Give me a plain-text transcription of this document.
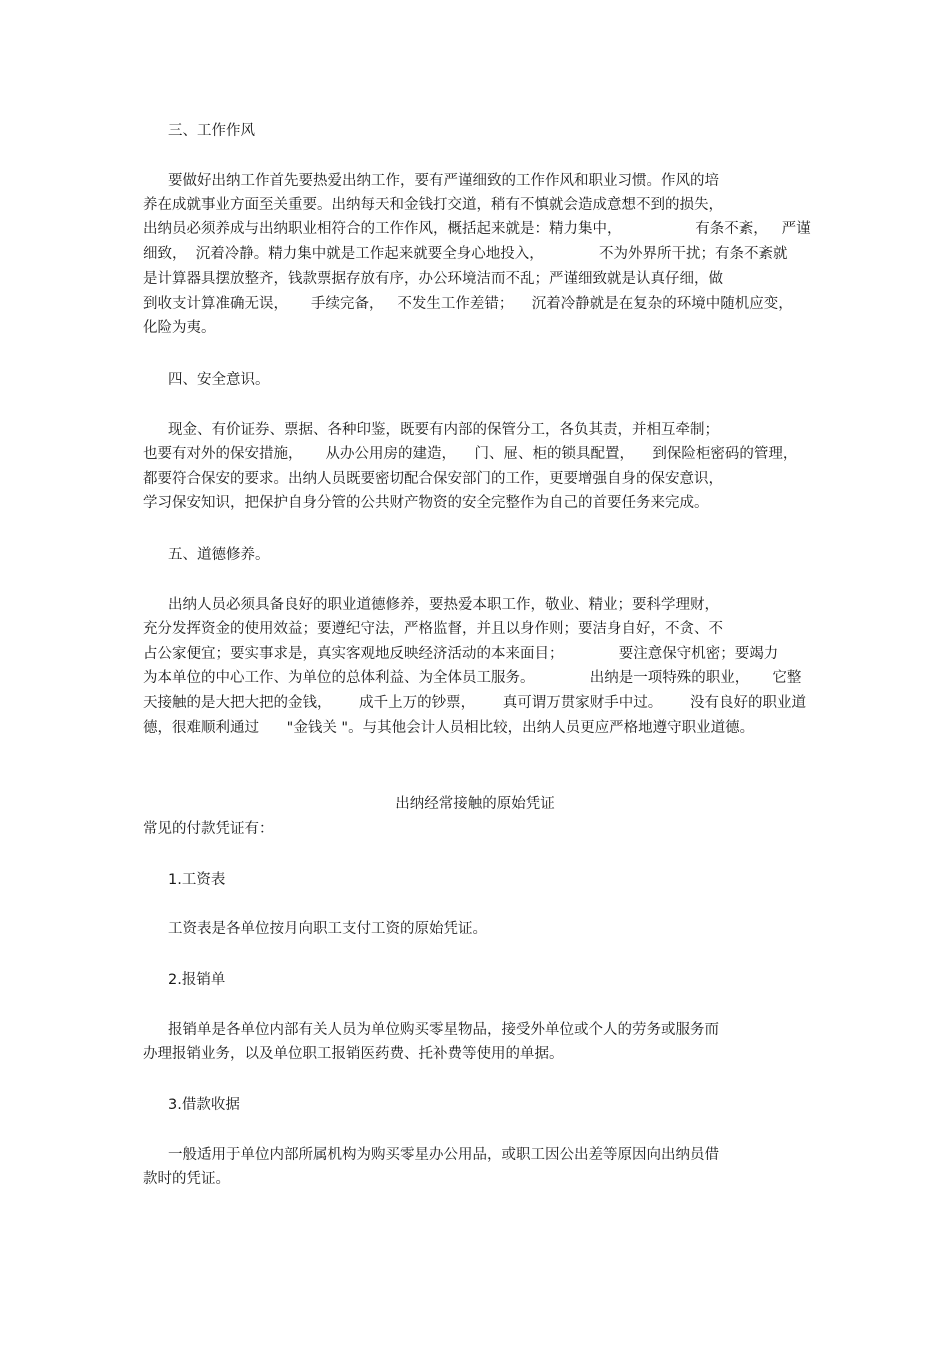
三、工作作风
要做好出纳工作首先要热爱出纳工作，要有严谨细致的工作作风和职业习惯。作风的培
养在成就事业方面至关重要。出纳每天和金钱打交道，稍有不慎就会造成意想不到的损失，
出纳员必须养成与出纳职业相符合的工作作风，概括起来就是：精力集中，                有条不紊，   严谨
细致，  沉着冷静。精力集中就是工作起来就要全身心地投入，            不为外界所干扰；有条不紊就
是计算器具摆放整齐，钱款票据存放有序，办公环境洁而不乱；严谨细致就是认真仔细，做
到收支计算准确无误，     手续完备，   不发生工作差错；    沉着冷静就是在复杂的环境中随机应变，
化险为夷。
四、安全意识。
现金、有价证券、票据、各种印鉴，既要有内部的保管分工，各负其责，并相互牵制；
也要有对外的保安措施，     从办公用房的建造，    门、屉、柜的锁具配置，    到保险柜密码的管理，
都要符合保安的要求。出纳人员既要密切配合保安部门的工作，更要增强自身的保安意识，
学习保安知识，把保护自身分管的公共财产物资的安全完整作为自己的首要任务来完成。
五、道德修养。
出纳人员必须具备良好的职业道德修养，要热爱本职工作，敬业、精业；要科学理财，
充分发挥资金的使用效益；要遵纪守法，严格监督，并且以身作则；要洁身自好，不贪、不
占公家便宜；要实事求是，真实客观地反映经济活动的本来面目；            要注意保守机密；要竭力
为本单位的中心工作、为单位的总体利益、为全体员工服务。            出纳是一项特殊的职业，     它整
天接触的是大把大把的金钱，      成千上万的钞票，      真可谓万贯家财手中过。      没有良好的职业道
德，很难顺利通过      "金钱关 "。与其他会计人员相比较，出纳人员更应严格地遵守职业道德。
出纳经常接触的原始凭证
常见的付款凭证有：
1.工资表
工资表是各单位按月向职工支付工资的原始凭证。
2.报销单
报销单是各单位内部有关人员为单位购买零星物品，接受外单位或个人的劳务或服务而
办理报销业务，以及单位职工报销医药费、托补费等使用的单据。
3.借款收据
一般适用于单位内部所属机构为购买零星办公用品，或职工因公出差等原因向出纳员借
款时的凭证。
